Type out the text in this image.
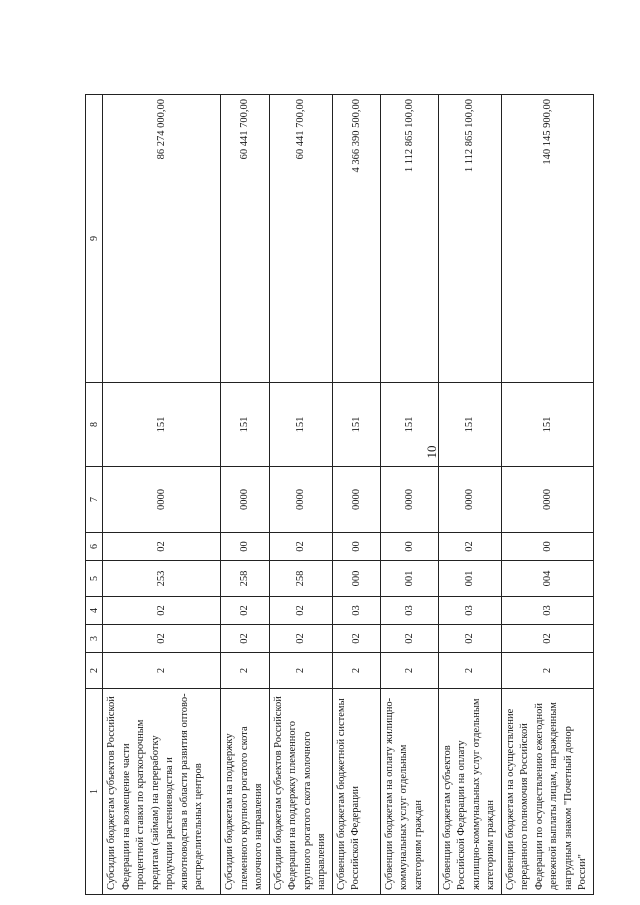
10
1	2	3	4	5	6	7	8	9
Субсидии бюджетам субъектов Российской Федерации на возмещение части процентной ставки по краткосрочным кредитам (займам) на переработку продукции растениеводства и животноводства в области развития оптово-распределительных центров	2	02	02	253	02	0000	151	86 274 000,00
Субсидии бюджетам на поддержку племенного крупного рогатого скота молочного направления	2	02	02	258	00	0000	151	60 441 700,00
Субсидии бюджетам субъектов Российской Федерации на поддержку племенного крупного рогатого скота молочного направления	2	02	02	258	02	0000	151	60 441 700,00
Субвенции бюджетам бюджетной системы Российской Федерации	2	02	03	000	00	0000	151	4 366 390 500,00
Субвенции бюджетам на оплату жилищно-коммунальных услуг отдельным категориям граждан	2	02	03	001	00	0000	151	1 112 865 100,00
Субвенции бюджетам субъектов Российской Федерации на оплату жилищно-коммунальных услуг отдельным категориям граждан	2	02	03	001	02	0000	151	1 112 865 100,00
Субвенции бюджетам на осуществление переданного полномочия Российской Федерации по осуществлению ежегодной денежной выплаты лицам, награжденным нагрудным знаком "Почетный донор России"	2	02	03	004	00	0000	151	140 145 900,00
